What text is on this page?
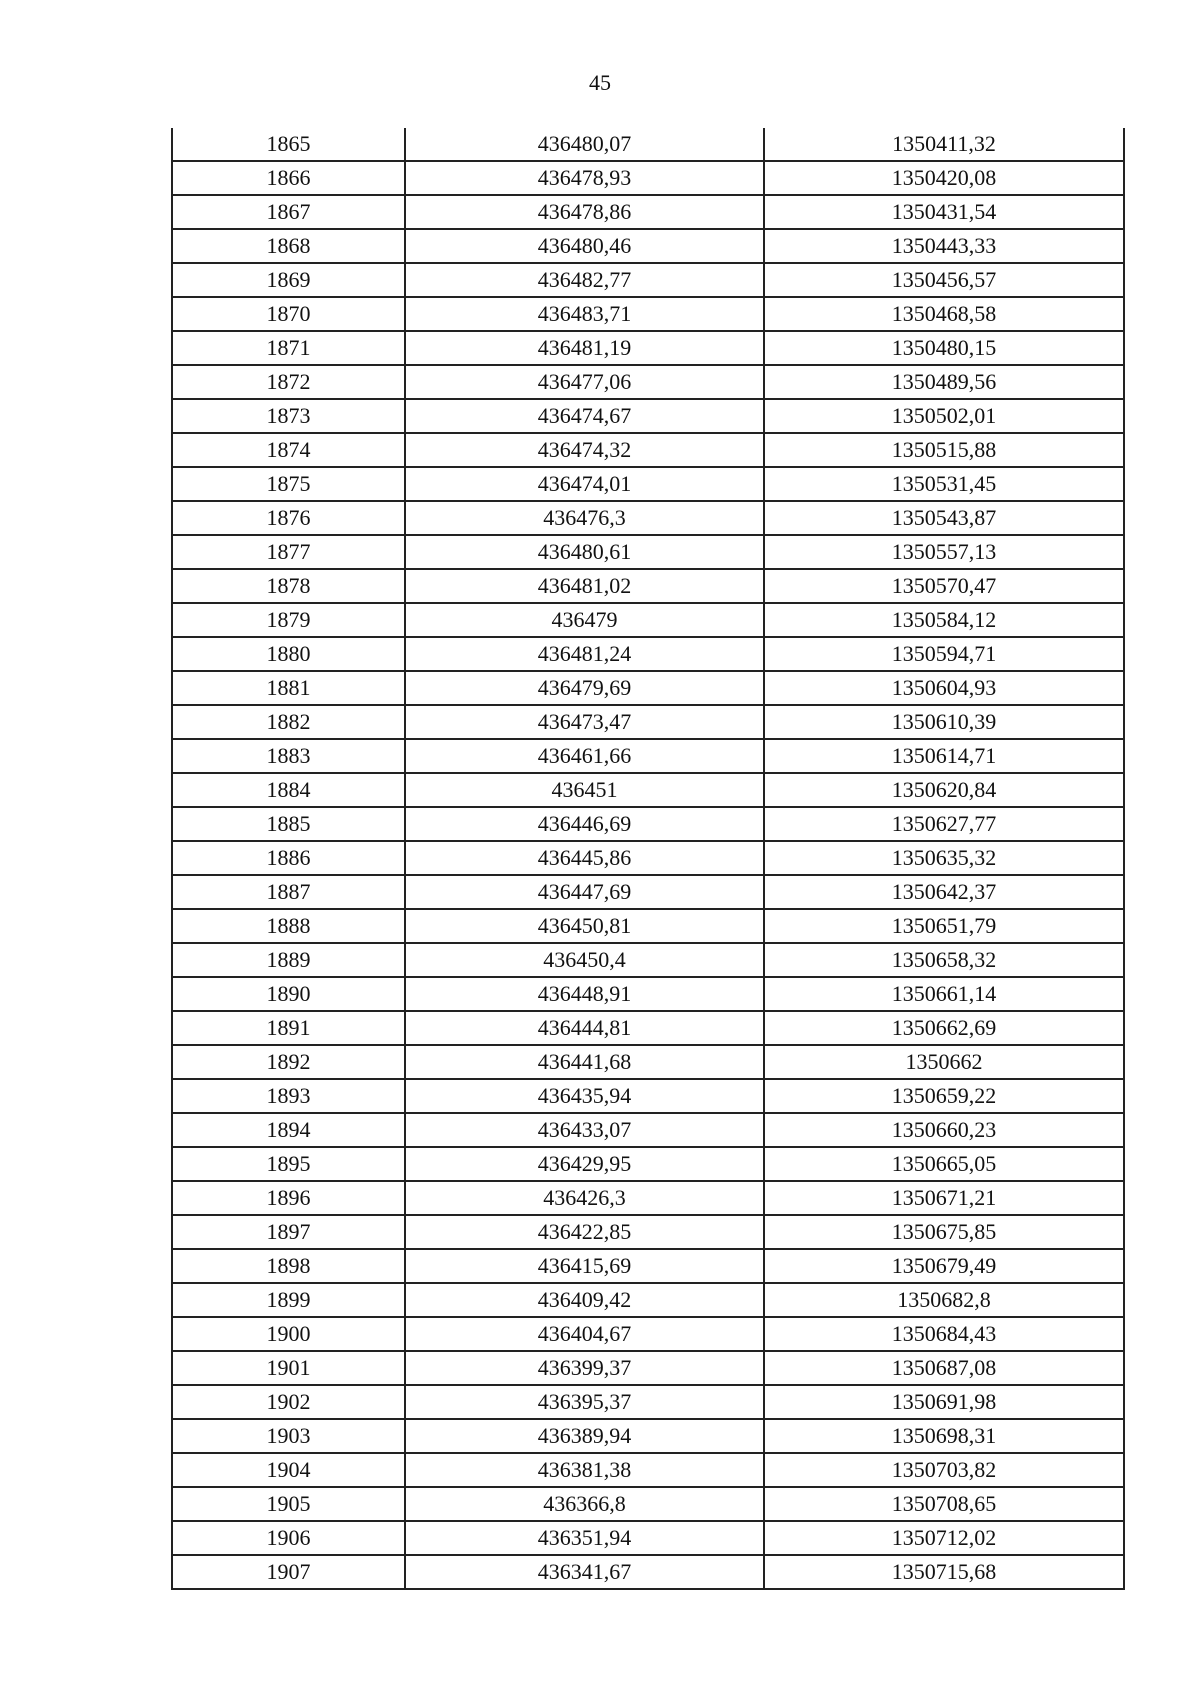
45
1865	436480,07	1350411,32
1866	436478,93	1350420,08
1867	436478,86	1350431,54
1868	436480,46	1350443,33
1869	436482,77	1350456,57
1870	436483,71	1350468,58
1871	436481,19	1350480,15
1872	436477,06	1350489,56
1873	436474,67	1350502,01
1874	436474,32	1350515,88
1875	436474,01	1350531,45
1876	436476,3	1350543,87
1877	436480,61	1350557,13
1878	436481,02	1350570,47
1879	436479	1350584,12
1880	436481,24	1350594,71
1881	436479,69	1350604,93
1882	436473,47	1350610,39
1883	436461,66	1350614,71
1884	436451	1350620,84
1885	436446,69	1350627,77
1886	436445,86	1350635,32
1887	436447,69	1350642,37
1888	436450,81	1350651,79
1889	436450,4	1350658,32
1890	436448,91	1350661,14
1891	436444,81	1350662,69
1892	436441,68	1350662
1893	436435,94	1350659,22
1894	436433,07	1350660,23
1895	436429,95	1350665,05
1896	436426,3	1350671,21
1897	436422,85	1350675,85
1898	436415,69	1350679,49
1899	436409,42	1350682,8
1900	436404,67	1350684,43
1901	436399,37	1350687,08
1902	436395,37	1350691,98
1903	436389,94	1350698,31
1904	436381,38	1350703,82
1905	436366,8	1350708,65
1906	436351,94	1350712,02
1907	436341,67	1350715,68
